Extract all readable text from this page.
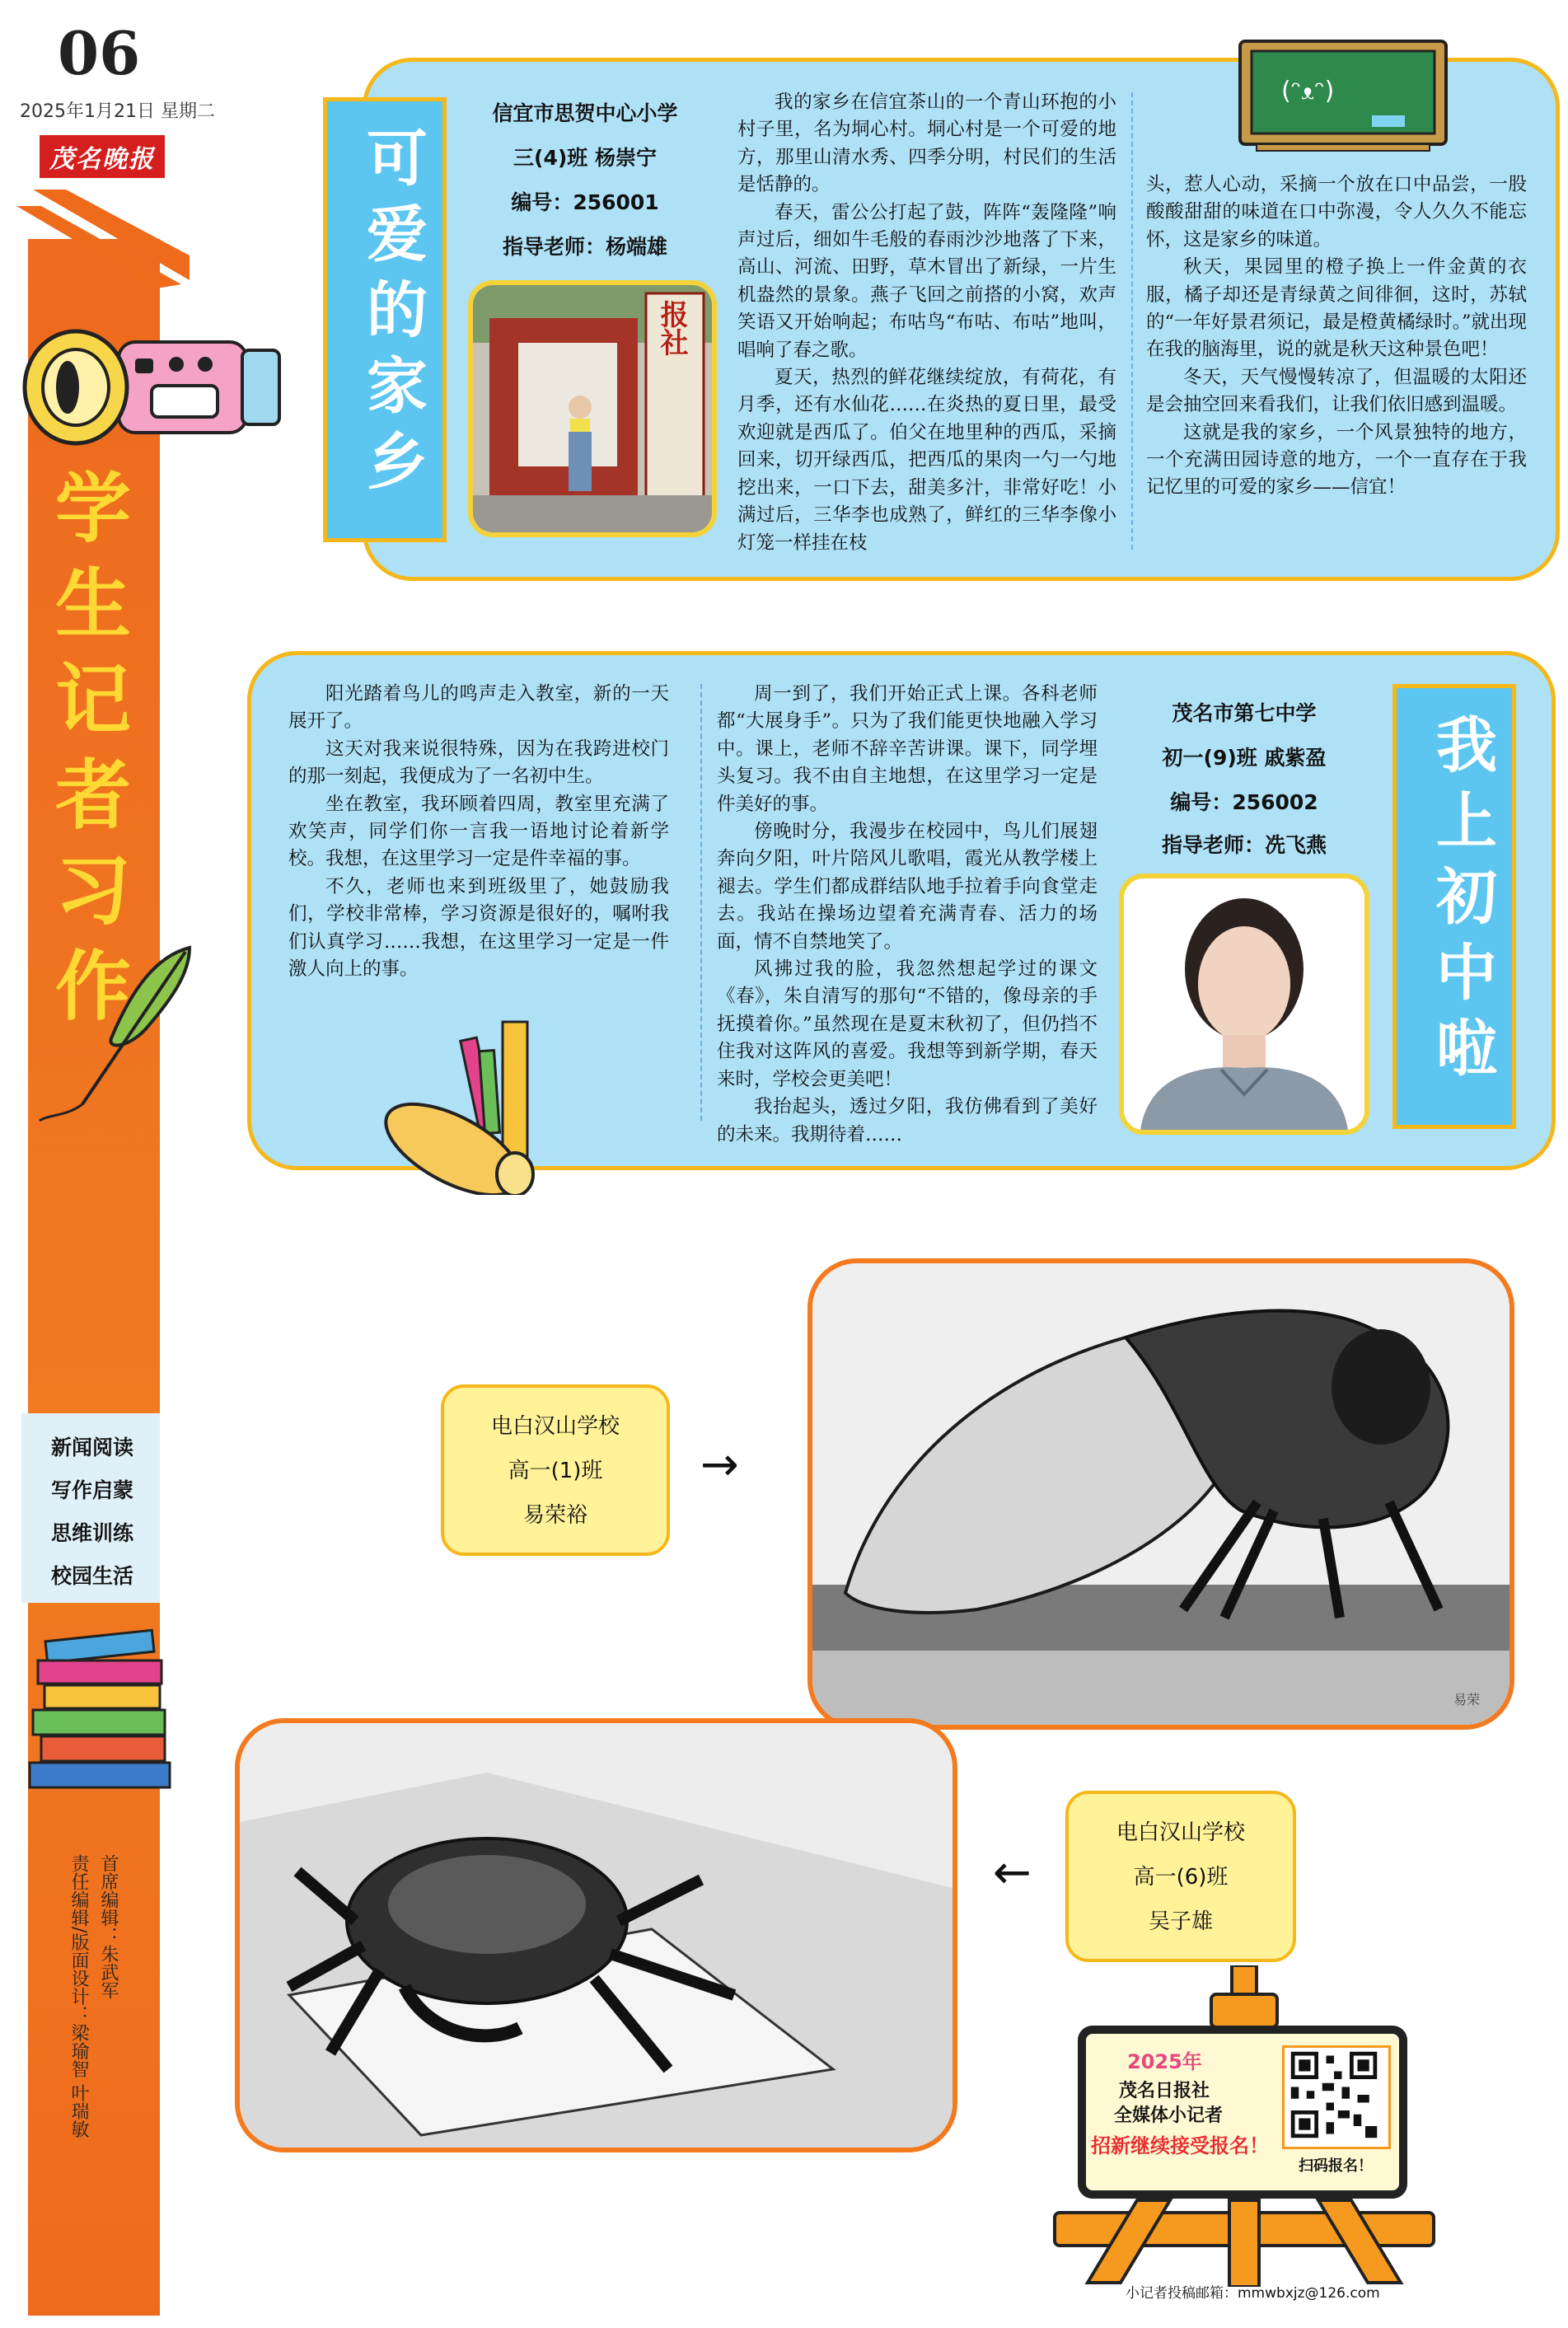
06
2025年1月21日 星期二
茂名晚报
学生记者习作
新闻阅读
写作启蒙
思维训练
校园生活
首席编辑：朱武军
责任编辑/版面设计：梁瑜智 叶瑞敏
可爱的家乡
信宜市思贺中心小学
三(4)班 杨崇宁
编号：256001
指导老师：杨端雄
报社

我的家乡在信宜茶山的一个青山环抱的小村子里，名为垌心村。垌心村是一个可爱的地方，那里山清水秀、四季分明，村民们的生活是恬静的。

春天，雷公公打起了鼓，阵阵“轰隆隆”响声过后，细如牛毛般的春雨沙沙地落了下来，高山、河流、田野，草木冒出了新绿，一片生机盎然的景象。燕子飞回之前搭的小窝，欢声笑语又开始响起；布咕鸟“布咕、布咕”地叫，唱响了春之歌。

夏天，热烈的鲜花继续绽放，有荷花，有月季，还有水仙花……在炎热的夏日里，最受欢迎就是西瓜了。伯父在地里种的西瓜，采摘回来，切开绿西瓜，把西瓜的果肉一勺一勺地挖出来，一口下去，甜美多汁，非常好吃！小满过后，三华李也成熟了，鲜红的三华李像小灯笼一样挂在枝

头，惹人心动，采摘一个放在口中品尝，一股酸酸甜甜的味道在口中弥漫，令人久久不能忘怀，这是家乡的味道。

秋天，果园里的橙子换上一件金黄的衣服，橘子却还是青绿黄之间徘徊，这时，苏轼的“一年好景君须记，最是橙黄橘绿时。”就出现在我的脑海里，说的就是秋天这种景色吧！

冬天，天气慢慢转凉了，但温暖的太阳还是会抽空回来看我们，让我们依旧感到温暖。

这就是我的家乡，一个风景独特的地方，一个充满田园诗意的地方，一个一直存在于我记忆里的可爱的家乡——信宜！

(ᵔᴥᵔ)
我上初中啦

阳光踏着鸟儿的鸣声走入教室，新的一天展开了。

这天对我来说很特殊，因为在我跨进校门的那一刻起，我便成为了一名初中生。

坐在教室，我环顾着四周，教室里充满了欢笑声，同学们你一言我一语地讨论着新学校。我想，在这里学习一定是件幸福的事。

不久，老师也来到班级里了，她鼓励我们，学校非常棒，学习资源是很好的，嘱咐我们认真学习……我想，在这里学习一定是一件激人向上的事。

周一到了，我们开始正式上课。各科老师都“大展身手”。只为了我们能更快地融入学习中。课上，老师不辞辛苦讲课。课下，同学埋头复习。我不由自主地想，在这里学习一定是件美好的事。

傍晚时分，我漫步在校园中，鸟儿们展翅奔向夕阳，叶片陪风儿歌唱，霞光从教学楼上褪去。学生们都成群结队地手拉着手向食堂走去。我站在操场边望着充满青春、活力的场面，情不自禁地笑了。

风拂过我的脸，我忽然想起学过的课文《春》，朱自清写的那句“不错的，像母亲的手抚摸着你。”虽然现在是夏末秋初了，但仍挡不住我对这阵风的喜爱。我想等到新学期，春天来时，学校会更美吧！

我抬起头，透过夕阳，我仿佛看到了美好的未来。我期待着……

茂名市第七中学
初一(9)班 戚紫盈
编号：256002
指导老师：冼飞燕
易荣
电白汉山学校
高一(1)班
易荣裕
→
电白汉山学校
高一(6)班
吴子雄
←
2025年
茂名日报社
全媒体小记者
招新继续接受报名！
扫码报名！
小记者投稿邮箱：mmwbxjz@126.com
